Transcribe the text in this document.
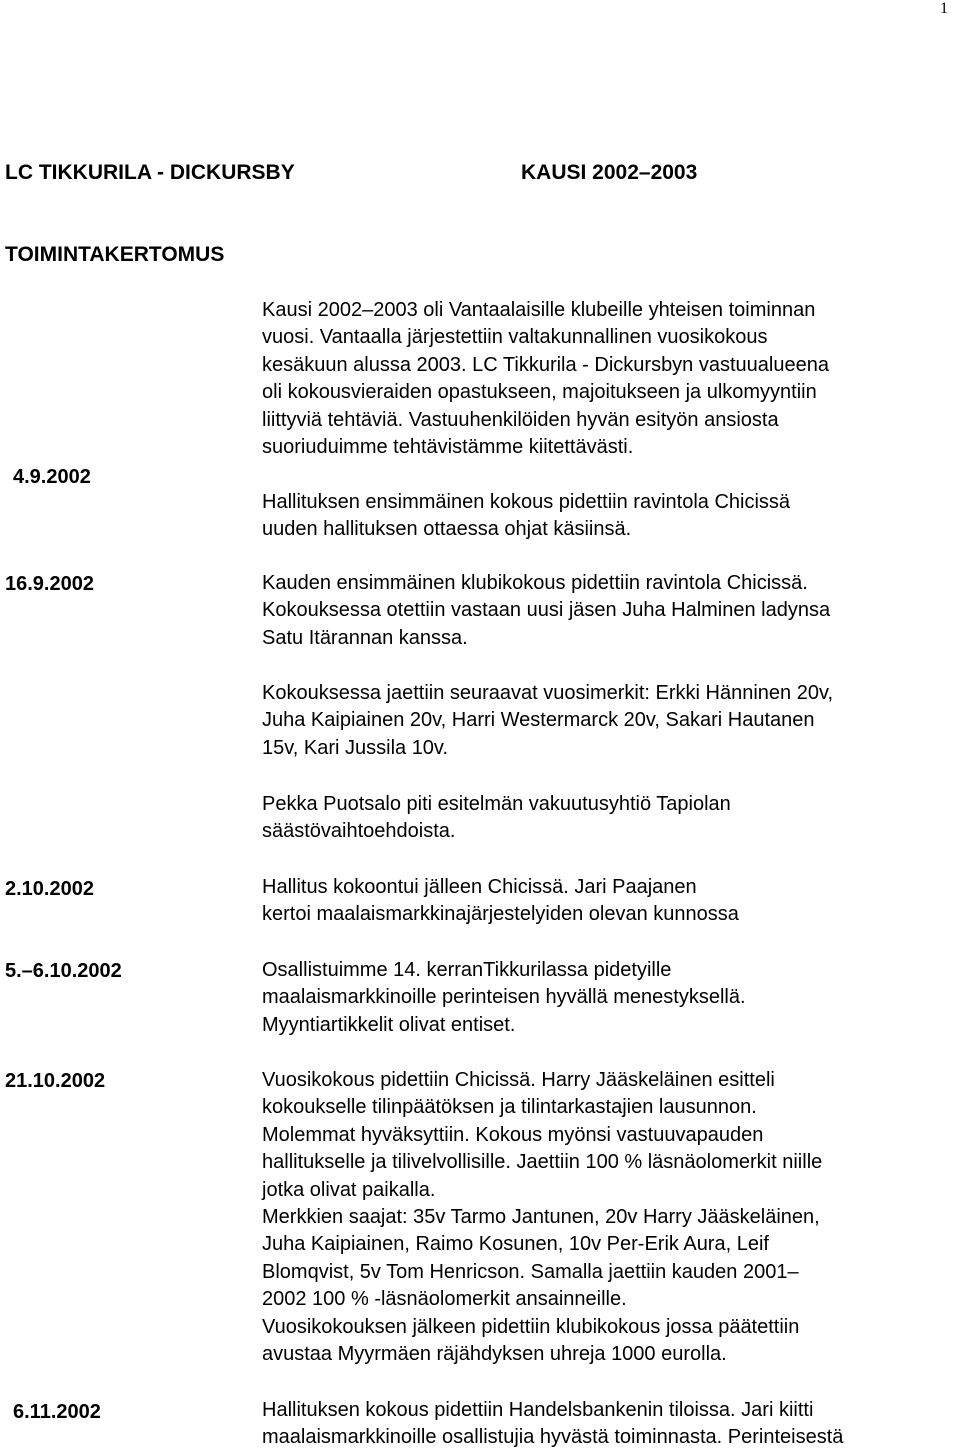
1
LC TIKKURILA - DICKURSBY	KAUSI 2002–2003
TOIMINTAKERTOMUS
4.9.2002
Kausi 2002–2003 oli Vantaalaisille klubeille yhteisen toiminnan
vuosi. Vantaalla järjestettiin valtakunnallinen vuosikokous
kesäkuun alussa 2003. LC Tikkurila - Dickursbyn vastuualueena
oli kokousvieraiden opastukseen, majoitukseen ja ulkomyyntiin
liittyviä tehtäviä. Vastuuhenkilöiden hyvän esityön ansiosta
suoriuduimme tehtävistämme kiitettävästi.
Hallituksen ensimmäinen kokous pidettiin ravintola Chicissä
uuden hallituksen ottaessa ohjat käsiinsä.
16.9.2002	Kauden ensimmäinen klubikokous pidettiin ravintola Chicissä.
Kokouksessa otettiin vastaan uusi jäsen Juha Halminen ladynsa
Satu Itärannan kanssa.
Kokouksessa jaettiin seuraavat vuosimerkit: Erkki Hänninen 20v,
Juha Kaipiainen 20v, Harri Westermarck 20v, Sakari Hautanen
15v, Kari Jussila 10v.
Pekka Puotsalo piti esitelmän vakuutusyhtiö Tapiolan
säästövaihtoehdoista.
2.10.2002	Hallitus kokoontui jälleen Chicissä. Jari Paajanen
kertoi maalaismarkkinajärjestelyiden olevan kunnossa
5.–6.10.2002	Osallistuimme 14. kerranTikkurilassa pidetyille
maalaismarkkinoille perinteisen hyvällä menestyksellä.
Myyntiartikkelit olivat entiset.
21.10.2002	Vuosikokous pidettiin Chicissä. Harry Jääskeläinen esitteli
kokoukselle tilinpäätöksen ja tilintarkastajien lausunnon.
Molemmat hyväksyttiin. Kokous myönsi vastuuvapauden
hallitukselle ja tilivelvollisille. Jaettiin 100 % läsnäolomerkit niille
jotka olivat paikalla.
Merkkien saajat: 35v Tarmo Jantunen, 20v Harry Jääskeläinen,
Juha Kaipiainen, Raimo Kosunen, 10v Per-Erik Aura, Leif
Blomqvist, 5v Tom Henricson. Samalla jaettiin kauden 2001–
2002 100 % -läsnäolomerkit ansainneille.
Vuosikokouksen jälkeen pidettiin klubikokous jossa päätettiin
avustaa Myyrmäen räjähdyksen uhreja 1000 eurolla.
6.11.2002	Hallituksen kokous pidettiin Handelsbankenin tiloissa. Jari kiitti
maalaismarkkinoille osallistujia hyvästä toiminnasta. Perinteisestä
